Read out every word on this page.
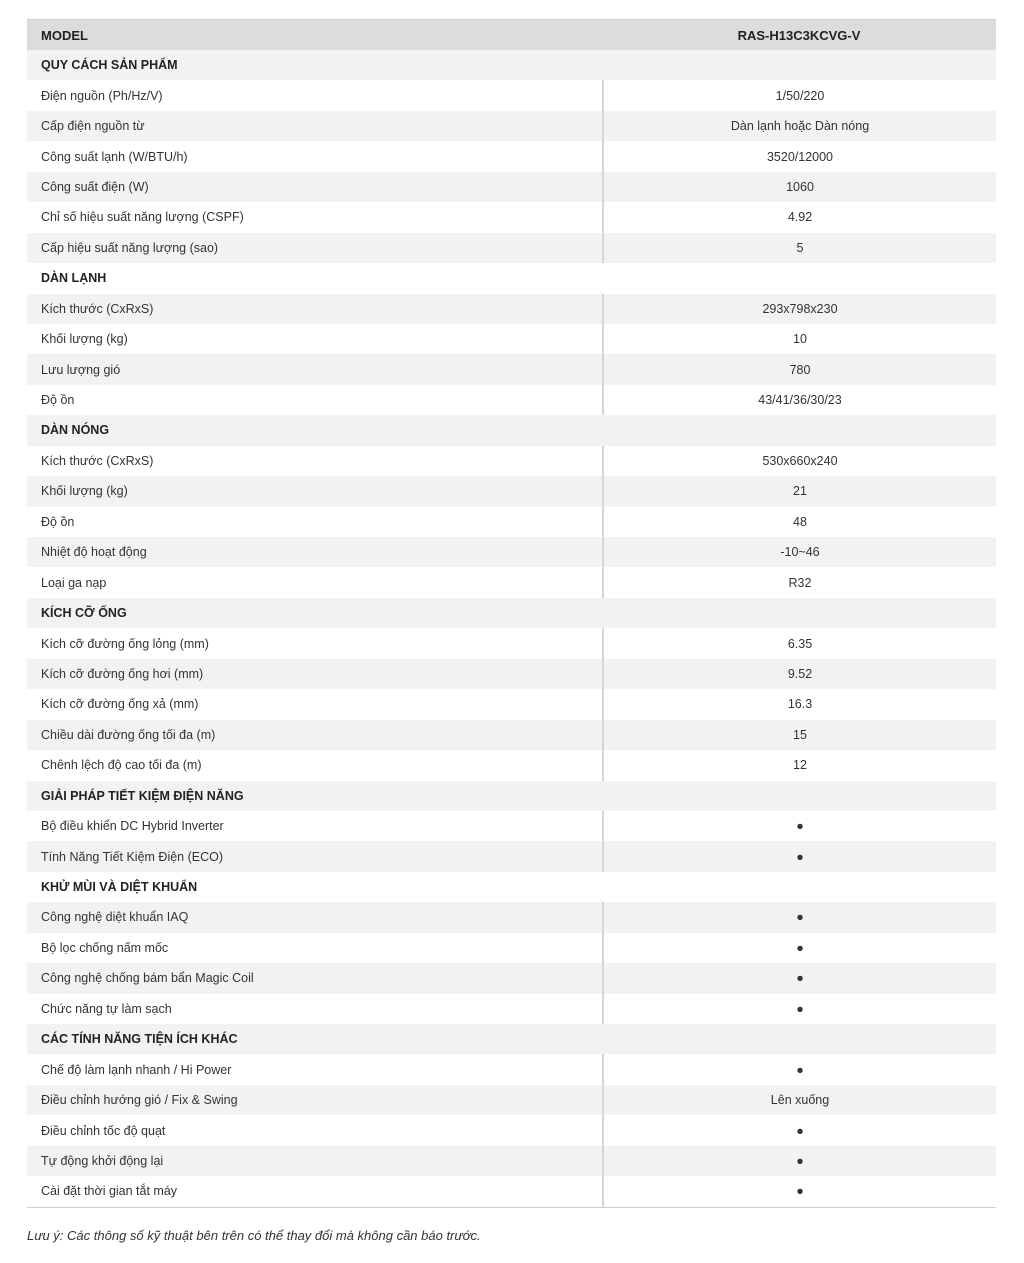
MODEL	RAS-H13C3KCVG-V
QUY CÁCH SẢN PHẨM
Điện nguồn (Ph/Hz/V)	1/50/220
Cấp điện nguồn từ	Dàn lạnh hoặc Dàn nóng
Công suất lạnh (W/BTU/h)	3520/12000
Công suất điện (W)	1060
Chỉ số hiệu suất năng lượng (CSPF)	4.92
Cấp hiệu suất năng lượng (sao)	5
DÀN LẠNH
Kích thước (CxRxS)	293x798x230
Khối lượng (kg)	10
Lưu lượng gió	780
Độ ồn	43/41/36/30/23
DÀN NÓNG
Kích thước (CxRxS)	530x660x240
Khối lượng (kg)	21
Độ ồn	48
Nhiệt độ hoạt động	-10~46
Loại ga nạp	R32
KÍCH CỠ ỐNG
Kích cỡ đường ống lỏng (mm)	6.35
Kích cỡ đường ống hơi (mm)	9.52
Kích cỡ đường ống xả (mm)	16.3
Chiều dài đường ống tối đa (m)	15
Chênh lệch độ cao tối đa (m)	12
GIẢI PHÁP TIẾT KIỆM ĐIỆN NĂNG
Bộ điều khiển DC Hybrid Inverter	●
Tính Năng Tiết Kiệm Điện (ECO)	●
KHỬ MÙI VÀ DIỆT KHUẨN
Công nghệ diệt khuẩn IAQ	●
Bộ lọc chống nấm mốc	●
Công nghệ chống bám bẩn Magic Coil	●
Chức năng tự làm sạch	●
CÁC TÍNH NĂNG TIỆN ÍCH KHÁC
Chế độ làm lạnh nhanh / Hi Power	●
Điều chỉnh hướng gió / Fix & Swing	Lên xuống
Điều chỉnh tốc độ quạt	●
Tự động khởi động lại	●
Cài đặt thời gian tắt máy	●
Lưu ý: Các thông số kỹ thuật bên trên có thể thay đổi mà không cần báo trước.
